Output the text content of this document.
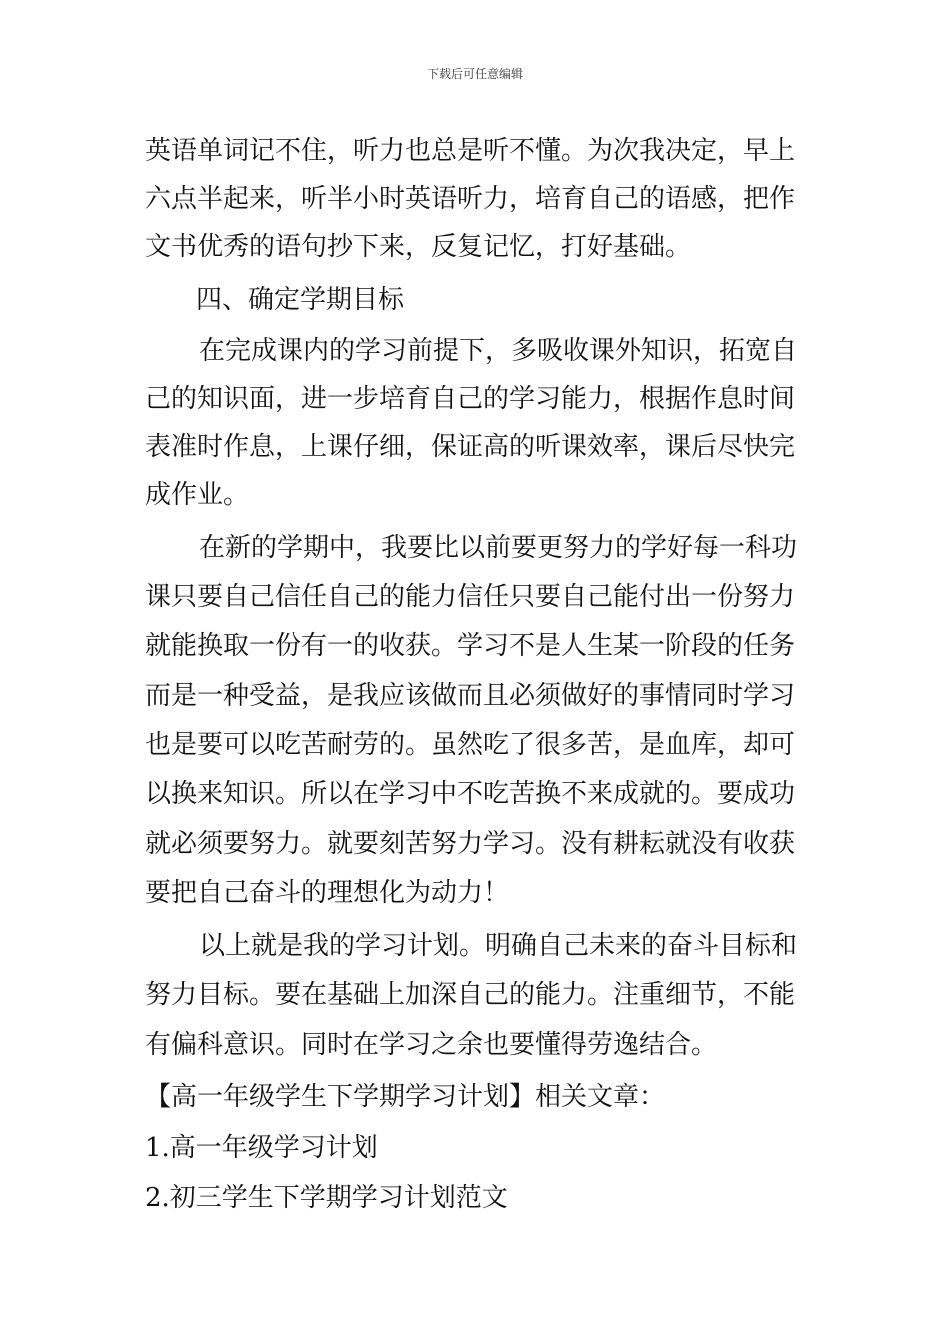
下载后可任意编辑
英语单词记不住，听力也总是听不懂。为次我决定，早上
六点半起来，听半小时英语听力，培育自己的语感，把作
文书优秀的语句抄下来，反复记忆，打好基础。
四、确定学期目标
在完成课内的学习前提下，多吸收课外知识，拓宽自
己的知识面，进一步培育自己的学习能力，根据作息时间
表准时作息，上课仔细，保证高的听课效率，课后尽快完
成作业。
在新的学期中，我要比以前要更努力的学好每一科功
课只要自己信任自己的能力信任只要自己能付出一份努力
就能换取一份有一的收获。学习不是人生某一阶段的任务
而是一种受益，是我应该做而且必须做好的事情同时学习
也是要可以吃苦耐劳的。虽然吃了很多苦，是血库，却可
以换来知识。所以在学习中不吃苦换不来成就的。要成功
就必须要努力。就要刻苦努力学习。没有耕耘就没有收获
要把自己奋斗的理想化为动力！
以上就是我的学习计划。明确自己未来的奋斗目标和
努力目标。要在基础上加深自己的能力。注重细节，不能
有偏科意识。同时在学习之余也要懂得劳逸结合。
【高一年级学生下学期学习计划】相关文章：
1.高一年级学习计划
2.初三学生下学期学习计划范文
